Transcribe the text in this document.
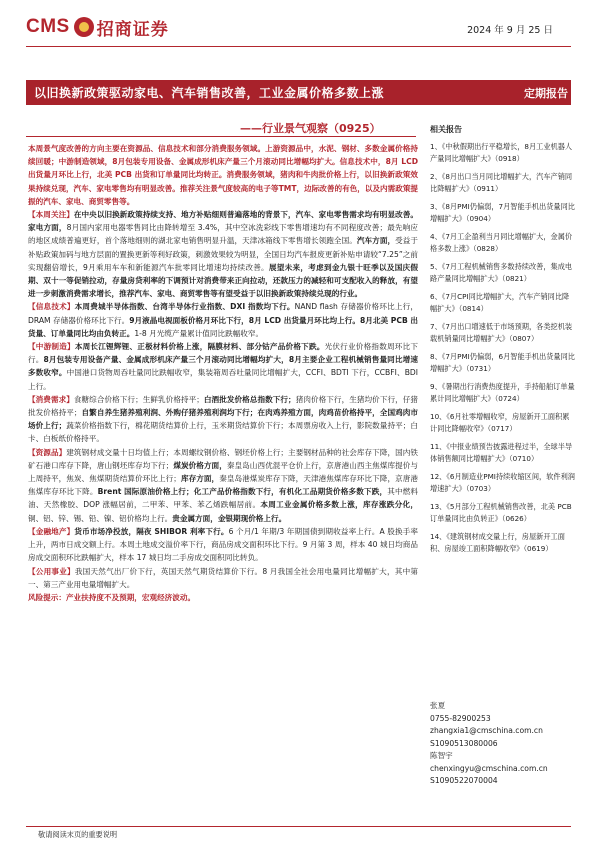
CMS 招商证券	2024 年 9 月 25 日
以旧换新政策驱动家电、汽车销售改善，工业金属价格多数上涨	定期报告
——行业景气观察（0925）

本周景气度改善的方向主要在资源品、信息技术和部分消费服务领域。上游资源品中，水泥、钢材、多数金属价格持续回暖；中游制造领域，8月包装专用设备、金属成形机床产量三个月滚动同比增幅均扩大。信息技术中，8月 LCD 出货量月环比上行，北美 PCB 出货和订单量同比均转正。消费服务领域，猪肉和牛肉批价格上行，以旧换新政策效果持续兑现，汽车、家电零售均有明显改善。推荐关注景气度较高的电子等TMT，边际改善的有色，以及内需政策提振的汽车、家电、商贸零售等。

【本周关注】在中央以旧换新政策持续支持、地方补贴细则普遍落地的背景下，汽车、家电零售需求均有明显改善。家电方面，8月国内家用电器零售同比由降转增至 3.4%，其中空冰洗彩线下零售增速均有不同程度改善；最先响应的地区成绩普遍更好，首个落地细则的湖北家电销售明显升温，天津冰箱线下零售增长领跑全国。汽车方面，受益于补贴政策加码与地方层面的置换更新等利好政策，刺激效果较为明显，全国日均汽车报废更新补贴申请较“7.25”之前实现翻倍增长，9月乘用车车和新能源汽车批零同比增速均持续改善。展望未来，考虑到金九银十旺季以及国庆假期、双十一等促销拉动，存量房贷利率的下调预计对消费带来正向拉动，还款压力的减轻和可支配收入的释放，有望进一步刺激消费需求增长，推荐汽车、家电、商贸零售等有望受益于以旧换新政策持续兑现的行业。

【信息技术】本周费城半导体指数、台湾半导体行业指数、DXI 指数均下行。NAND flash 存储器价格环比上行，DRAM 存储器价格环比下行。9月液晶电视面板价格月环比下行，8月 LCD 出货量月环比均上行。8月北美 PCB 出货量、订单量同比均由负转正。1-8 月光缆产量累计值同比跌幅收窄。

【中游制造】本周长江锂辉锂、正极材料价格上涨，隔膜材料、部分钴产品价格下跌。光伏行业价格指数周环比下行。8月包装专用设备产量、金属成形机床产量三个月滚动同比增幅均扩大，8月主要企业工程机械销售量同比增速多数收窄。中国港口货物周吞吐量同比跌幅收窄，集装箱周吞吐量同比增幅扩大，CCFI、BDTI 下行，CCBFI、BDI 上行。

【消费需求】食糖综合价格下行；生鲜乳价格持平；白酒批发价格总指数下行；猪肉价格下行，生猪均价下行，仔猪批发价格持平；自繁自养生猪养殖利润、外购仔猪养殖利润均下行；在肉鸡养殖方面，肉鸡苗价格持平，全国鸡肉市场价上行；蔬菜价格指数下行，棉花期货结算价上行，玉米期货结算价下行；本周票房收入上行，影院数量持平；白卡、白板纸价格持平。

【资源品】建筑钢材成交量十日均值上行；本周螺纹钢价格、钢坯价格上行；主要钢材品种的社会库存下降，国内铁矿石港口库存下降，唐山钢坯库存均下行；煤炭价格方面，秦皇岛山西优混平仓价上行，京唐港山西主焦煤库提价与上周持平，焦炭、焦煤期货结算价环比上行；库存方面，秦皇岛港煤炭库存下降，天津港焦煤库存环比下降，京唐港焦煤库存环比下降。Brent 国际原油价格上行；化工产品价格指数下行，有机化工品期货价格多数下跌，其中燃料油、天然橡胶、DOP 涨幅居前，二甲苯、甲苯、苯乙烯跌幅居前。本周工业金属价格多数上涨，库存涨跌分化，铜、铝、锌、锡、铅、镍、铝价格均上行。贵金属方面，金银期现价格上行。

【金融地产】货币市场净投放，隔夜 SHIBOR 利率下行。6 个月/1 年期/3 年期国债到期收益率上行。A 股换手率上升，两市日成交额上行。本周土地成交溢价率下行，商品房成交面积环比下行。9 月第 3 周，样本 40 城日均商品房成交面积环比跌幅扩大，样本 17 城日均二手房成交面积同比转负。

【公用事业】我国天然气出厂价下行，英国天然气期货结算价下行。8 月我国全社会用电量同比增幅扩大，其中第一、第三产业用电量增幅扩大。

风险提示：产业扶持度不及预期，宏观经济波动。

相关报告
1、《中秋假期出行平稳增长，8月工业机器人产量同比增幅扩大》（0918）
2、《8月出口当月同比增幅扩大，汽车产销同比降幅扩大》（0911）
3、《8月PMI仍偏弱，7月智能手机出货量同比增幅扩大》（0904）
4、《7月工企盈利当月同比增幅扩大，金属价格多数上涨》（0828）
5、《7月工程机械销售多数持续改善，集成电路产量同比增幅扩大》（0821）
6、《7月CPI同比增幅扩大，汽车产销同比降幅扩大》（0814）
7、《7月出口增速低于市场预期，各类挖机装载机销量同比增幅扩大》（0807）
8、《7月PMI仍偏弱，6月智能手机出货量同比增幅扩大》（0731）
9、《暑期出行消费热度提升，手持船舶订单量累计同比增幅扩大》（0724）
10、《6月社零增幅收窄，房屋新开工面积累计同比降幅收窄》（0717）
11、《中报业绩预告披露进程过半，全球半导体销售额同比增幅扩大》（0710）
12、《6月制造业PMI持续收缩区间，软件利润增速扩大》（0703）
13、《5月部分工程机械销售改善，北美 PCB 订单量同比由负转正》（0626）
14、《建筑钢材成交量上行，房屋新开工面积、房屋竣工面积降幅收窄》（0619）
张夏
0755-82900253
zhangxia1@cmschina.com.cn
S1090513080006
陈智宇
chenxingyu@cmschina.com.cn
S1090522070004
敬请阅读末页的重要说明
